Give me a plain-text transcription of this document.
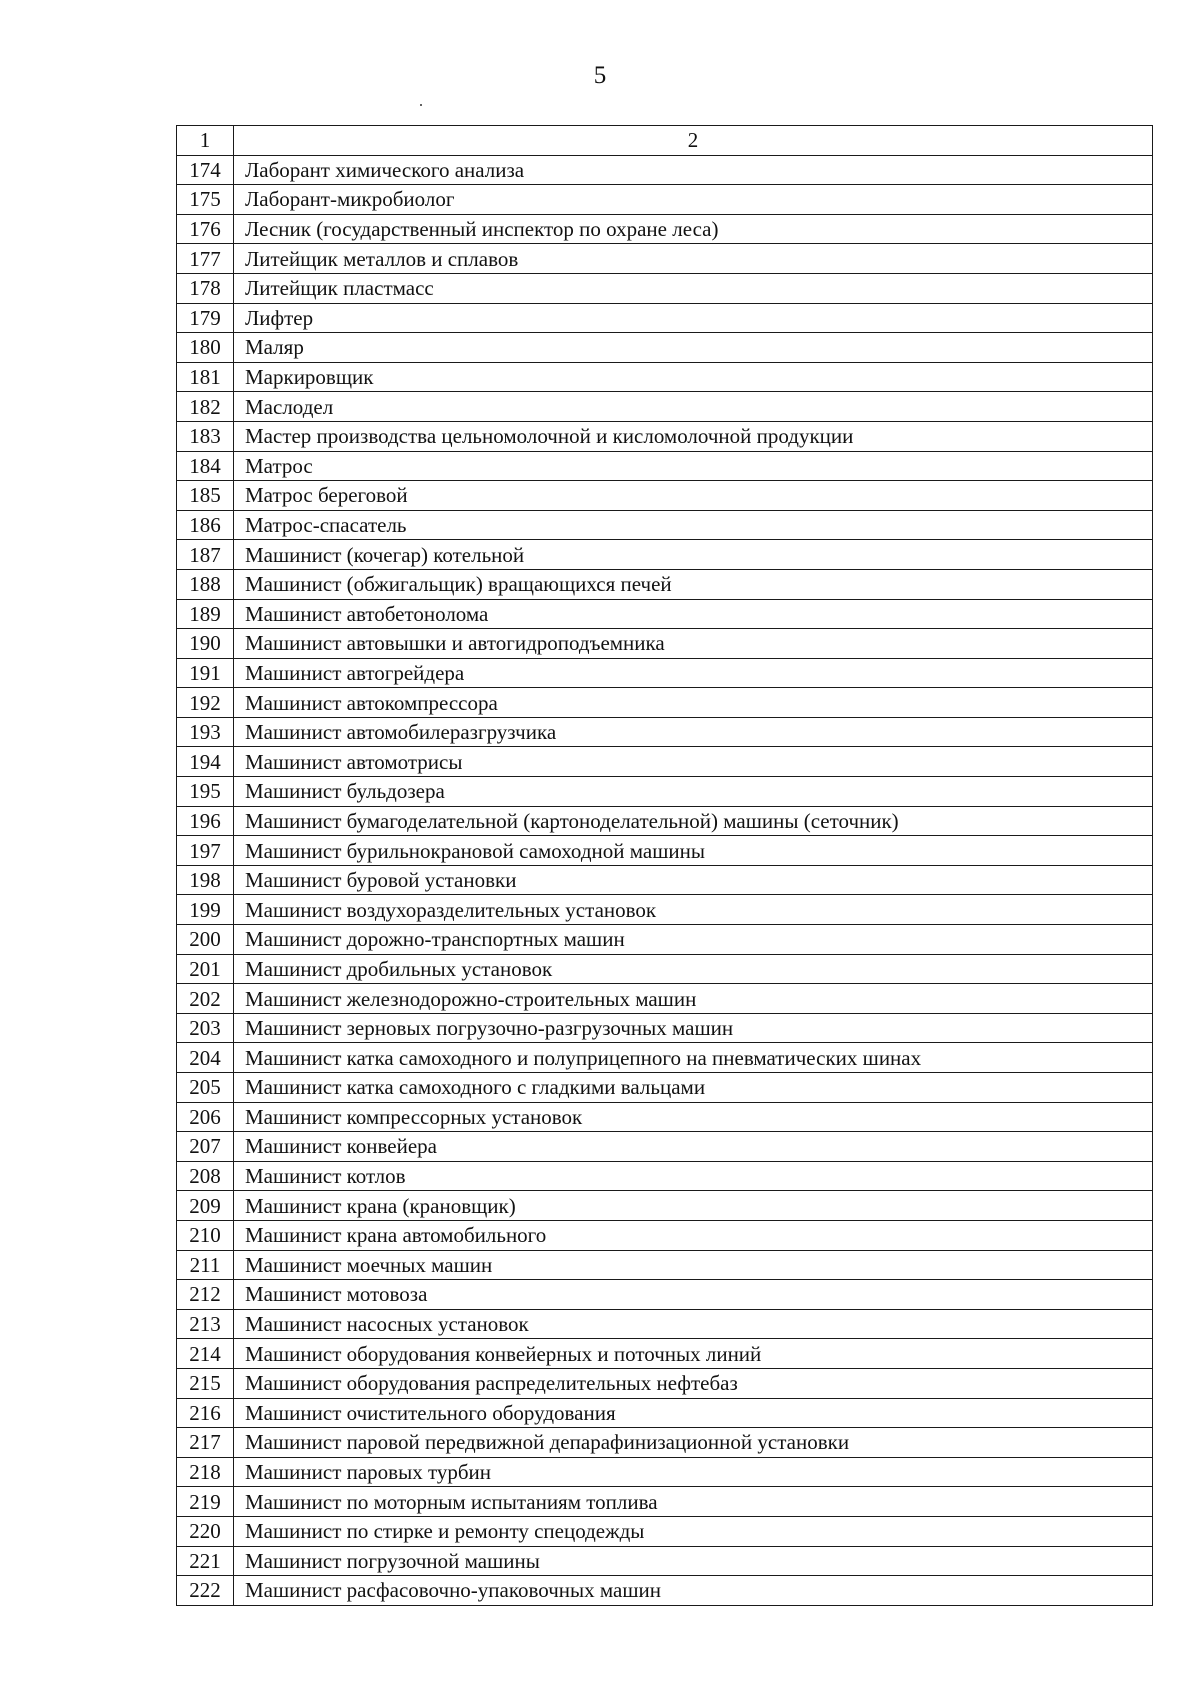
5
1	2
174	Лаборант химического анализа
175	Лаборант-микробиолог
176	Лесник (государственный инспектор по охране леса)
177	Литейщик металлов и сплавов
178	Литейщик пластмасс
179	Лифтер
180	Маляр
181	Маркировщик
182	Маслодел
183	Мастер производства цельномолочной и кисломолочной продукции
184	Матрос
185	Матрос береговой
186	Матрос-спасатель
187	Машинист (кочегар) котельной
188	Машинист (обжигальщик) вращающихся печей
189	Машинист автобетонолома
190	Машинист автовышки и автогидроподъемника
191	Машинист автогрейдера
192	Машинист автокомпрессора
193	Машинист автомобилеразгрузчика
194	Машинист автомотрисы
195	Машинист бульдозера
196	Машинист бумагоделательной (картоноделательной) машины (сеточник)
197	Машинист бурильнокрановой самоходной машины
198	Машинист буровой установки
199	Машинист воздухоразделительных установок
200	Машинист дорожно-транспортных машин
201	Машинист дробильных установок
202	Машинист железнодорожно-строительных машин
203	Машинист зерновых погрузочно-разгрузочных машин
204	Машинист катка самоходного и полуприцепного на пневматических шинах
205	Машинист катка самоходного с гладкими вальцами
206	Машинист компрессорных установок
207	Машинист конвейера
208	Машинист котлов
209	Машинист крана (крановщик)
210	Машинист крана автомобильного
211	Машинист моечных машин
212	Машинист мотовоза
213	Машинист насосных установок
214	Машинист оборудования конвейерных и поточных линий
215	Машинист оборудования распределительных нефтебаз
216	Машинист очистительного оборудования
217	Машинист паровой передвижной депарафинизационной установки
218	Машинист паровых турбин
219	Машинист по моторным испытаниям топлива
220	Машинист по стирке и ремонту спецодежды
221	Машинист погрузочной машины
222	Машинист расфасовочно-упаковочных машин
